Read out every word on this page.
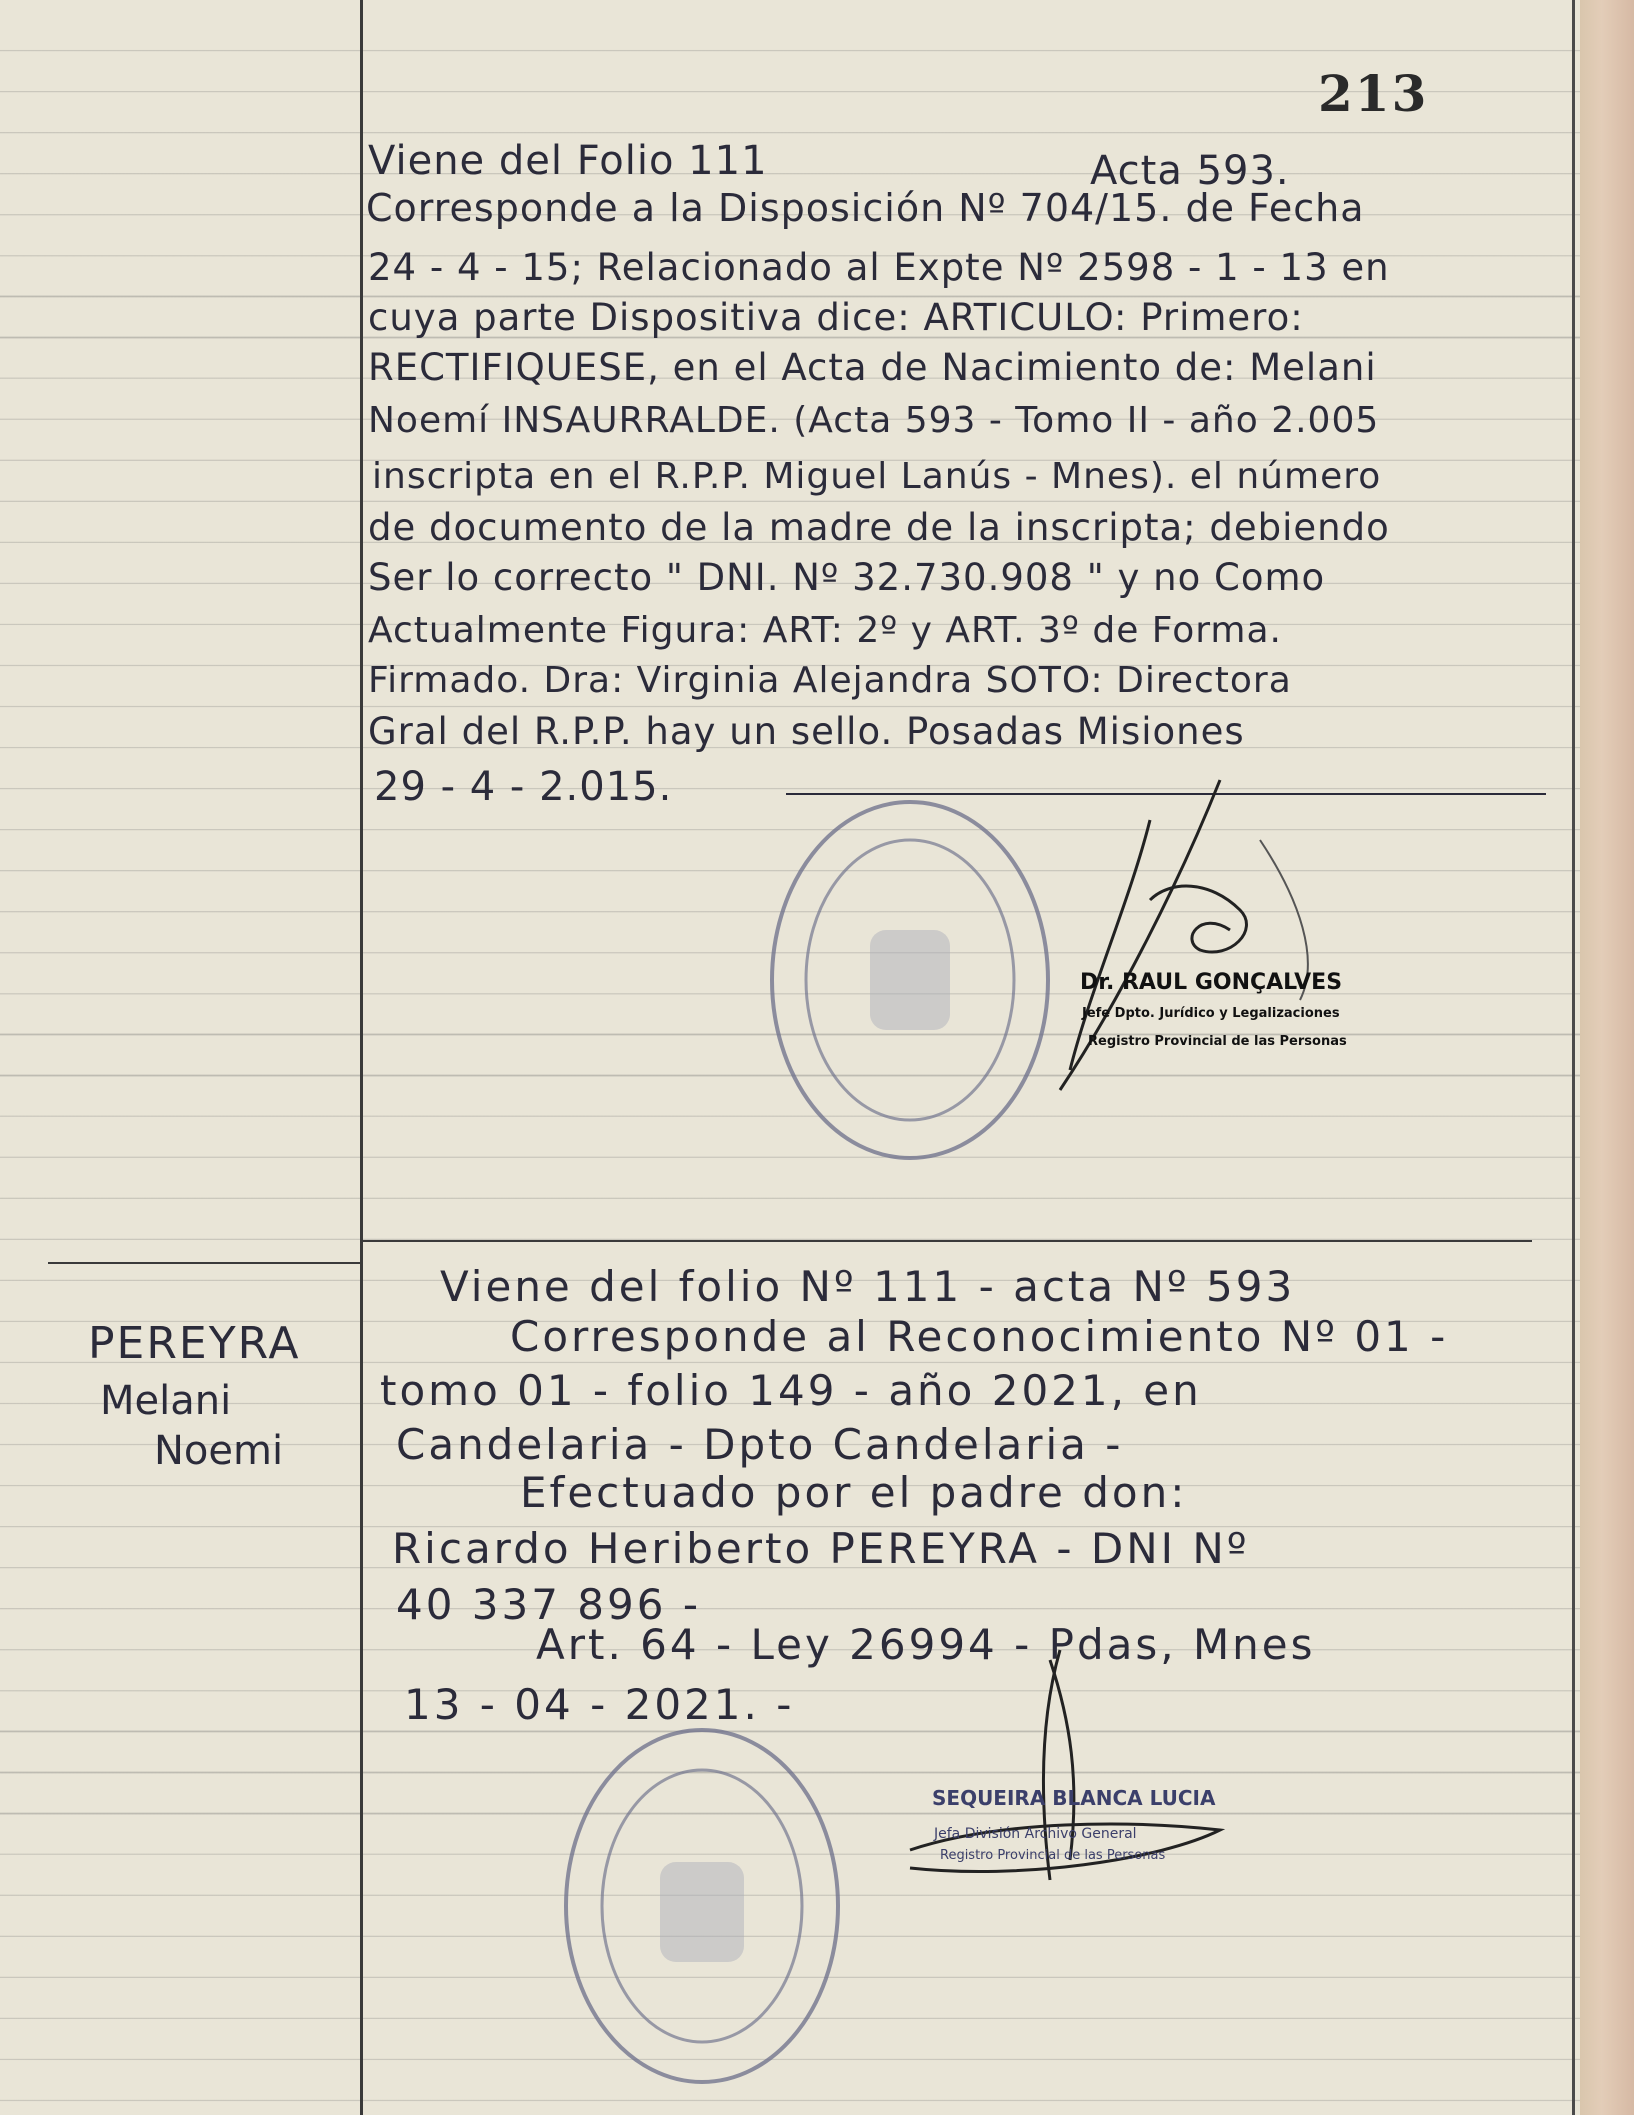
213
Viene del Folio 111	Acta 593.
Corresponde a la Disposición Nº 704/15. de Fecha
24 - 4 - 15; Relacionado al Expte Nº 2598 - 1 - 13 en
cuya parte Dispositiva dice: ARTICULO: Primero:
RECTIFIQUESE, en el Acta de Nacimiento de: Melani
Noemí INSAURRALDE. (Acta 593 - Tomo II - año 2.005
inscripta en el R.P.P. Miguel Lanús - Mnes). el número
de documento de la madre de la inscripta; debiendo
Ser lo correcto " DNI. Nº 32.730.908 " y no Como
Actualmente Figura: ART: 2º y ART. 3º de Forma.
Firmado. Dra: Virginia Alejandra SOTO: Directora
Gral del R.P.P. hay un sello. Posadas Misiones
29 - 4 - 2.015.
Dr. RAUL GONÇALVES
Jefe Dpto. Jurídico y Legalizaciones
Registro Provincial de las Personas
PEREYRA
Melani
Noemi
Viene del folio Nº 111 - acta Nº 593
Corresponde al Reconocimiento Nº 01 -
tomo 01 - folio 149 - año 2021, en
Candelaria - Dpto Candelaria -
Efectuado por el padre don:
Ricardo Heriberto PEREYRA - DNI Nº
40 337 896 -
Art. 64 - Ley 26994 - Pdas, Mnes
13 - 04 - 2021. -
SEQUEIRA BLANCA LUCIA
Jefa División Archivo General
Registro Provincial de las Personas
